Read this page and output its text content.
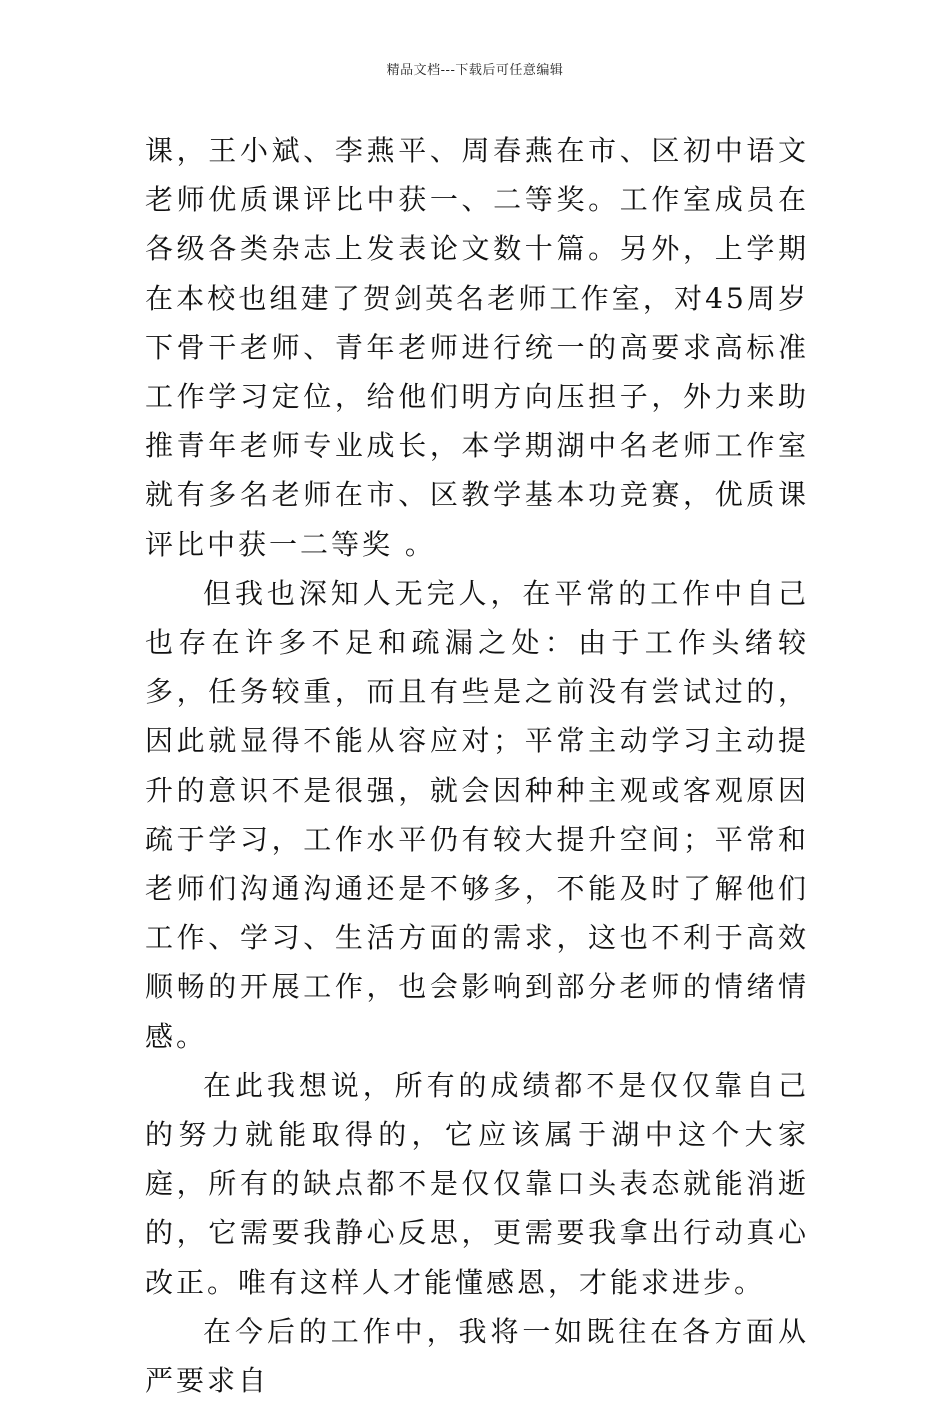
精品文档---下载后可任意编辑

课，王小斌、李燕平、周春燕在市、区初中语文老师优质课评比中获一、二等奖。工作室成员在各级各类杂志上发表论文数十篇。另外，上学期在本校也组建了贺剑英名老师工作室，对45周岁下骨干老师、青年老师进行统一的高要求高标准工作学习定位，给他们明方向压担子，外力来助推青年老师专业成长，本学期湖中名老师工作室就有多名老师在市、区教学基本功竞赛，优质课评比中获一二等奖 。

但我也深知人无完人，在平常的工作中自己也存在许多不足和疏漏之处：由于工作头绪较多，任务较重，而且有些是之前没有尝试过的，因此就显得不能从容应对；平常主动学习主动提升的意识不是很强，就会因种种主观或客观原因疏于学习，工作水平仍有较大提升空间；平常和老师们沟通沟通还是不够多，不能及时了解他们工作、学习、生活方面的需求，这也不利于高效顺畅的开展工作，也会影响到部分老师的情绪情感。

在此我想说，所有的成绩都不是仅仅靠自己的努力就能取得的，它应该属于湖中这个大家庭，所有的缺点都不是仅仅靠口头表态就能消逝的，它需要我静心反思，更需要我拿出行动真心改正。唯有这样人才能懂感恩，才能求进步。

在今后的工作中，我将一如既往在各方面从严要求自
